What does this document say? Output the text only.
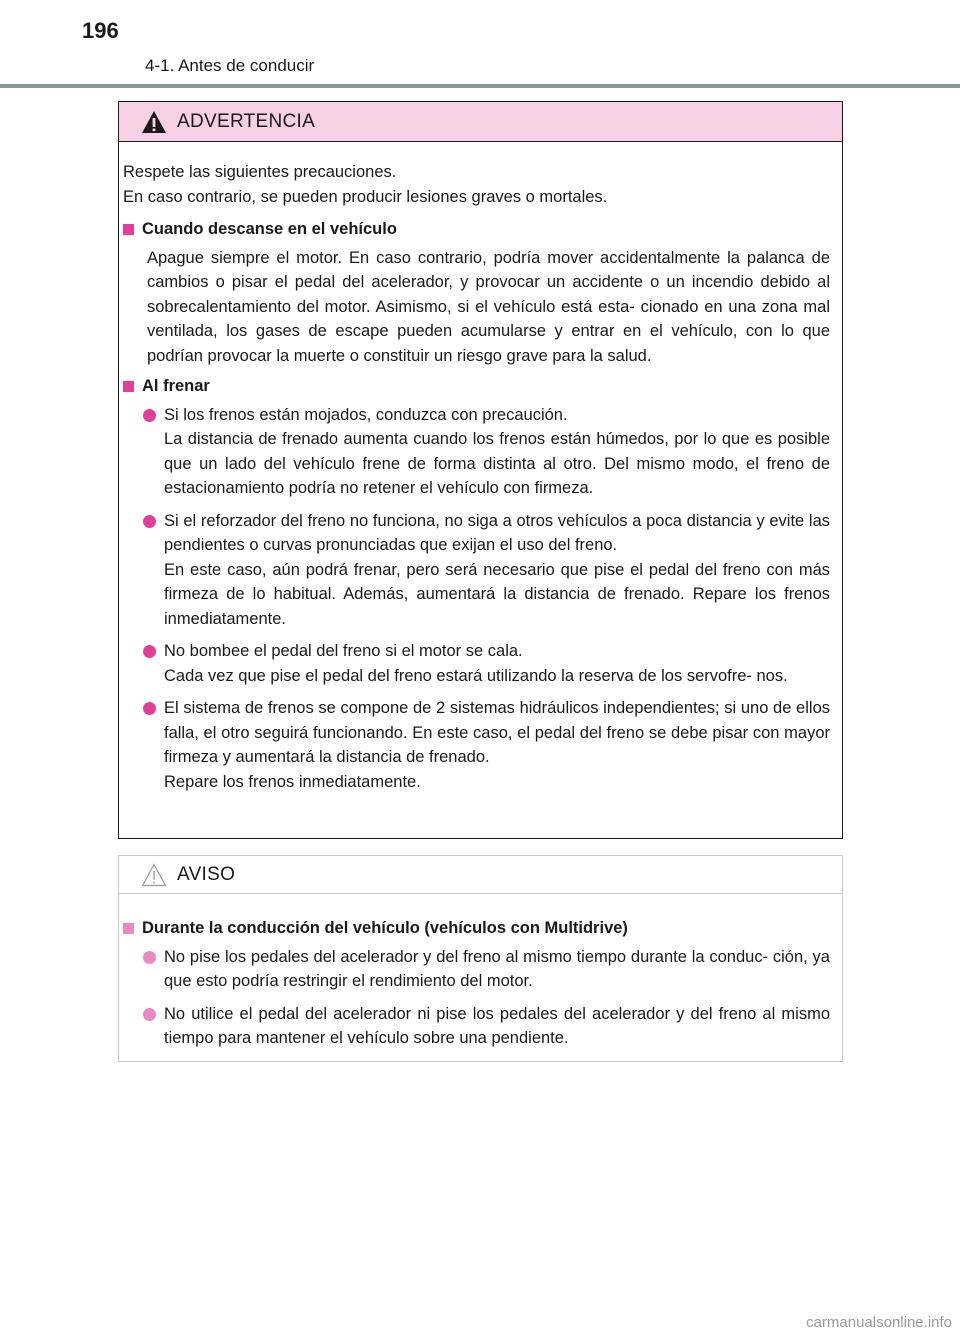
196
4-1. Antes de conducir
ADVERTENCIA

Respete las siguientes precauciones.

En caso contrario, se pueden producir lesiones graves o mortales.

Cuando descanse en el vehículo

Apague siempre el motor. En caso contrario, podría mover accidentalmente la palanca de cambios o pisar el pedal del acelerador, y provocar un accidente o un incendio debido al sobrecalentamiento del motor. Asimismo, si el vehículo está esta- cionado en una zona mal ventilada, los gases de escape pueden acumularse y entrar en el vehículo, con lo que podrían provocar la muerte o constituir un riesgo grave para la salud.

Al frenar

Si los frenos están mojados, conduzca con precaución.

La distancia de frenado aumenta cuando los frenos están húmedos, por lo que es posible que un lado del vehículo frene de forma distinta al otro. Del mismo modo, el freno de estacionamiento podría no retener el vehículo con firmeza.

Si el reforzador del freno no funciona, no siga a otros vehículos a poca distancia y evite las pendientes o curvas pronunciadas que exijan el uso del freno.

En este caso, aún podrá frenar, pero será necesario que pise el pedal del freno con más firmeza de lo habitual. Además, aumentará la distancia de frenado. Repare los frenos inmediatamente.

No bombee el pedal del freno si el motor se cala.

Cada vez que pise el pedal del freno estará utilizando la reserva de los servofre- nos.

El sistema de frenos se compone de 2 sistemas hidráulicos independientes; si uno de ellos falla, el otro seguirá funcionando. En este caso, el pedal del freno se debe pisar con mayor firmeza y aumentará la distancia de frenado.

Repare los frenos inmediatamente.

AVISO
Durante la conducción del vehículo (vehículos con Multidrive)

No pise los pedales del acelerador y del freno al mismo tiempo durante la conduc- ción, ya que esto podría restringir el rendimiento del motor.

No utilice el pedal del acelerador ni pise los pedales del acelerador y del freno al mismo tiempo para mantener el vehículo sobre una pendiente.

carmanualsonline.info
